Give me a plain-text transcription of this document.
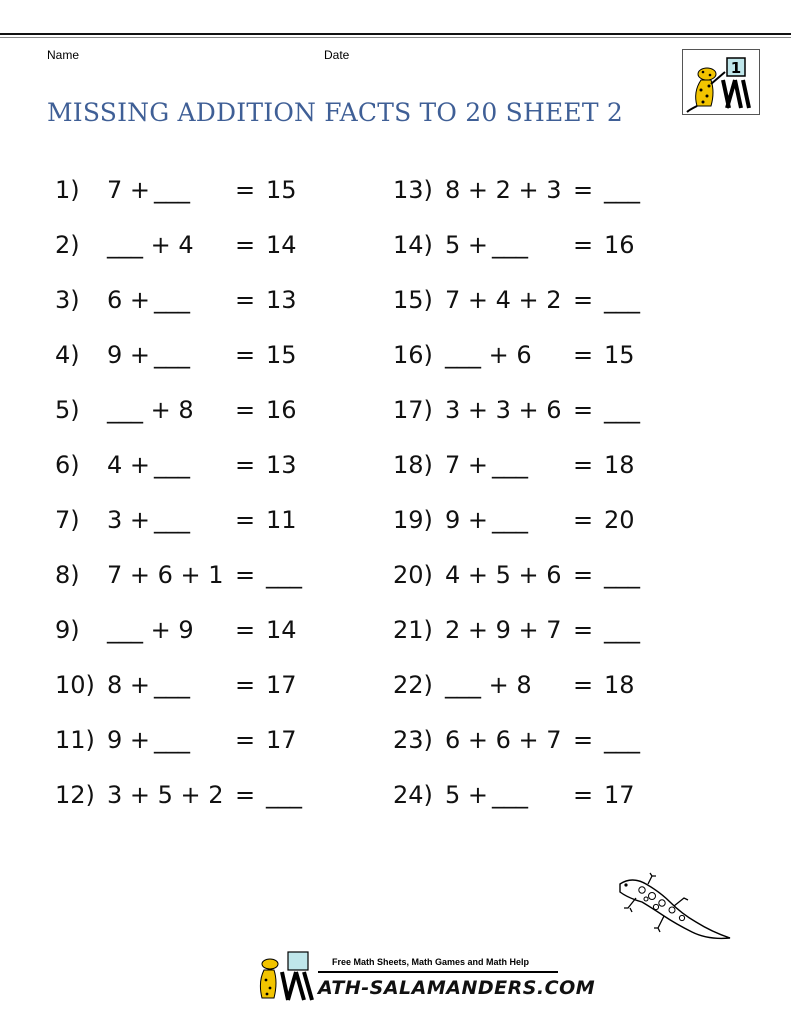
Name	Date
MISSING ADDITION FACTS TO 20 SHEET 2
1
1) 7 + ___ = 15
2) ___ + 4 = 14
3) 6 + ___ = 13
4) 9 + ___ = 15
5) ___ + 8 = 16
6) 4 + ___ = 13
7) 3 + ___ = 11
8) 7 + 6 + 1 = ___
9) ___ + 9 = 14
10) 8 + ___ = 17
11) 9 + ___ = 17
12) 3 + 5 + 2 = ___
13) 8 + 2 + 3 = ___
14) 5 + ___ = 16
15) 7 + 4 + 2 = ___
16) ___ + 6 = 15
17) 3 + 3 + 6 = ___
18) 7 + ___ = 18
19) 9 + ___ = 20
20) 4 + 5 + 6 = ___
21) 2 + 9 + 7 = ___
22) ___ + 8 = 18
23) 6 + 6 + 7 = ___
24) 5 + ___ = 17
Free Math Sheets, Math Games and Math Help
ATH-SALAMANDERS.COM
